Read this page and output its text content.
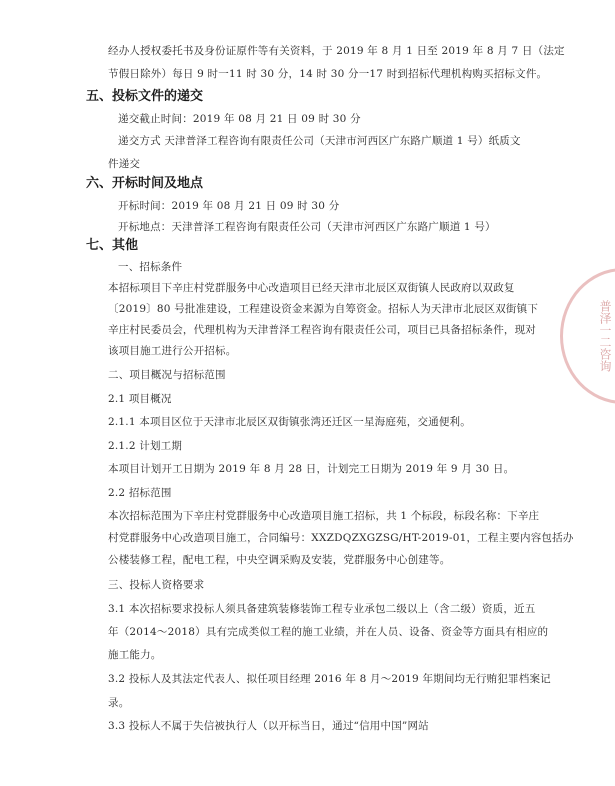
经办人授权委托书及身份证原件等有关资料，于 2019 年 8 月 1 日至 2019 年 8 月 7 日（法定
节假日除外）每日 9 时一11 时 30 分，14 时 30 分一17 时到招标代理机构购买招标文件。
五、投标文件的递交
递交截止时间：2019 年 08 月 21 日 09 时 30 分
递交方式 天津普泽工程咨询有限责任公司（天津市河西区广东路广顺道 1 号）纸质文
件递交
六、开标时间及地点
开标时间：2019 年 08 月 21 日 09 时 30 分
开标地点：天津普泽工程咨询有限责任公司（天津市河西区广东路广顺道 1 号）
七、其他
一、招标条件
本招标项目下辛庄村党群服务中心改造项目已经天津市北辰区双街镇人民政府以双政复
〔2019〕80 号批准建设，工程建设资金来源为自筹资金。招标人为天津市北辰区双街镇下
辛庄村民委员会，代理机构为天津普泽工程咨询有限责任公司，项目已具备招标条件，现对
该项目施工进行公开招标。
二、项目概况与招标范围
2.1 项目概况
2.1.1 本项目区位于天津市北辰区双街镇张湾还迁区一星海庭苑，交通便利。
2.1.2 计划工期
本项目计划开工日期为 2019 年 8 月 28 日，计划完工日期为 2019 年 9 月 30 日。
2.2 招标范围
本次招标范围为下辛庄村党群服务中心改造项目施工招标，共 1 个标段，标段名称：下辛庄
村党群服务中心改造项目施工，合同编号：XXZDQZXGZSG/HT-2019-01，工程主要内容包括办
公楼装修工程，配电工程，中央空调采购及安装，党群服务中心创建等。
三、投标人资格要求
3.1 本次招标要求投标人须具备建筑装修装饰工程专业承包二级以上（含二级）资质，近五
年（2014～2018）具有完成类似工程的施工业绩，并在人员、设备、资金等方面具有相应的
施工能力。
3.2 投标人及其法定代表人、拟任项目经理 2016 年 8 月～2019 年期间均无行贿犯罪档案记
录。
3.3 投标人不属于失信被执行人（以开标当日，通过“信用中国”网站
普泽一二咨询
